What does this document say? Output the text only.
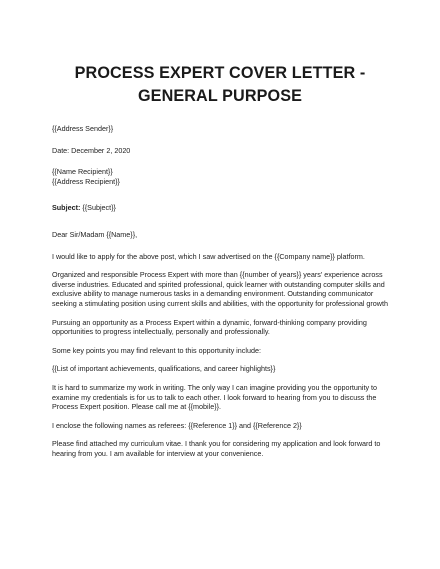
PROCESS EXPERT COVER LETTER -
GENERAL PURPOSE

{{Address Sender}}

Date: December 2, 2020

{{Name Recipient}}

{{Address Recipient}}

Subject: {{Subject}}

Dear Sir/Madam {{Name}},

I would like to apply for the above post, which I saw advertised on the {{Company name}} platform.

Organized and responsible Process Expert with more than {{number of years}} years' experience across diverse industries. Educated and spirited professional, quick learner with outstanding computer skills and exclusive ability to manage numerous tasks in a demanding environment. Outstanding communicator seeking a stimulating position using current skills and abilities, with the opportunity for professional growth

Pursuing an opportunity as a Process Expert within a dynamic, forward-thinking company providing opportunities to progress intellectually, personally and professionally.

Some key points you may find relevant to this opportunity include:

{{List of important achievements, qualifications, and career highlights}}

It is hard to summarize my work in writing. The only way I can imagine providing you the opportunity to examine my credentials is for us to talk to each other. I look forward to hearing from you to discuss the Process Expert position. Please call me at {{mobile}}.

I enclose the following names as referees: {{Reference 1}} and {{Reference 2}}

Please find attached my curriculum vitae. I thank you for considering my application and look forward to hearing from you. I am available for interview at your convenience.
